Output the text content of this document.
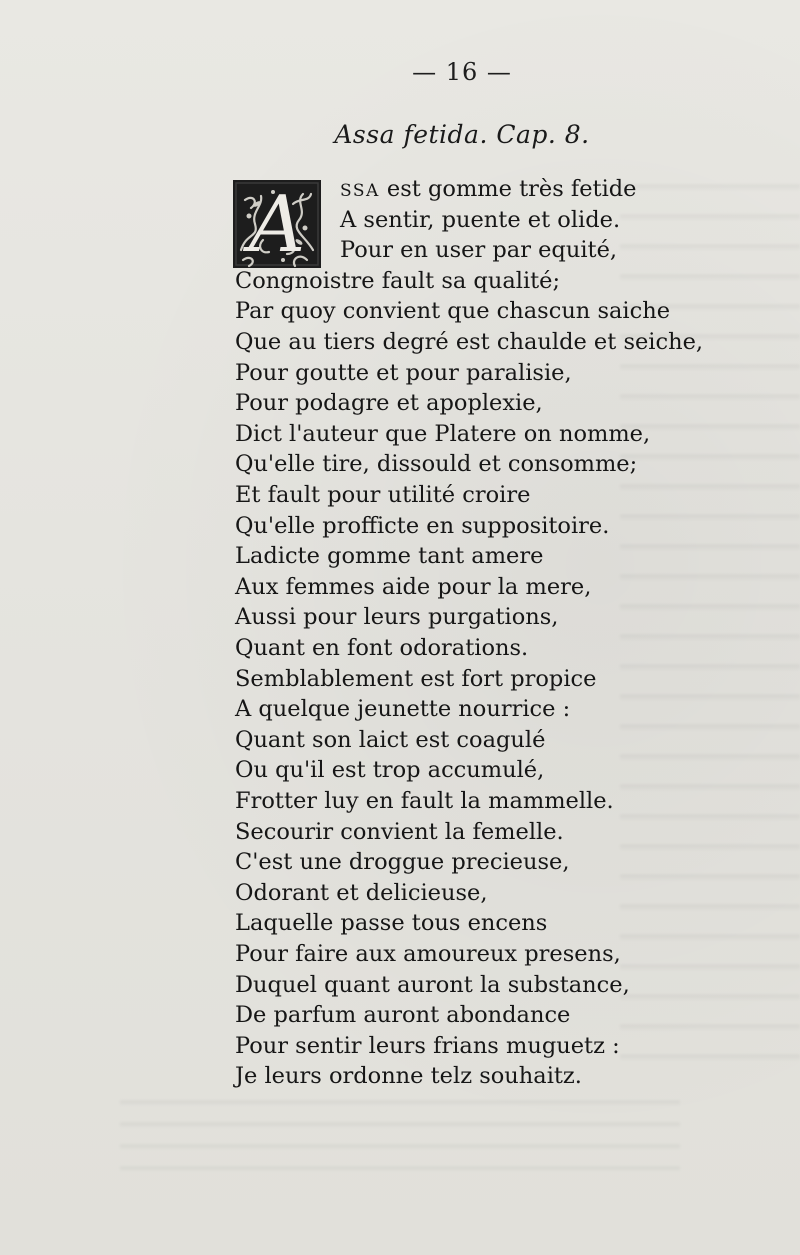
— 16 —
Assa fetida. Cap. 8.
A	SSA est gomme très fetide
A sentir, puente et olide.
Pour en user par equité,
Congnoistre fault sa qualité;
Par quoy convient que chascun saiche
Que au tiers degré est chaulde et seiche,
Pour goutte et pour paralisie,
Pour podagre et apoplexie,
Dict l'auteur que Platere on nomme,
Qu'elle tire, dissould et consomme;
Et fault pour utilité croire
Qu'elle profficte en suppositoire.
Ladicte gomme tant amere
Aux femmes aide pour la mere,
Aussi pour leurs purgations,
Quant en font odorations.
Semblablement est fort propice
A quelque jeunette nourrice :
Quant son laict est coagulé
Ou qu'il est trop accumulé,
Frotter luy en fault la mammelle.
Secourir convient la femelle.
C'est une droggue precieuse,
Odorant et delicieuse,
Laquelle passe tous encens
Pour faire aux amoureux presens,
Duquel quant auront la substance,
De parfum auront abondance
Pour sentir leurs frians muguetz :
Je leurs ordonne telz souhaitz.
